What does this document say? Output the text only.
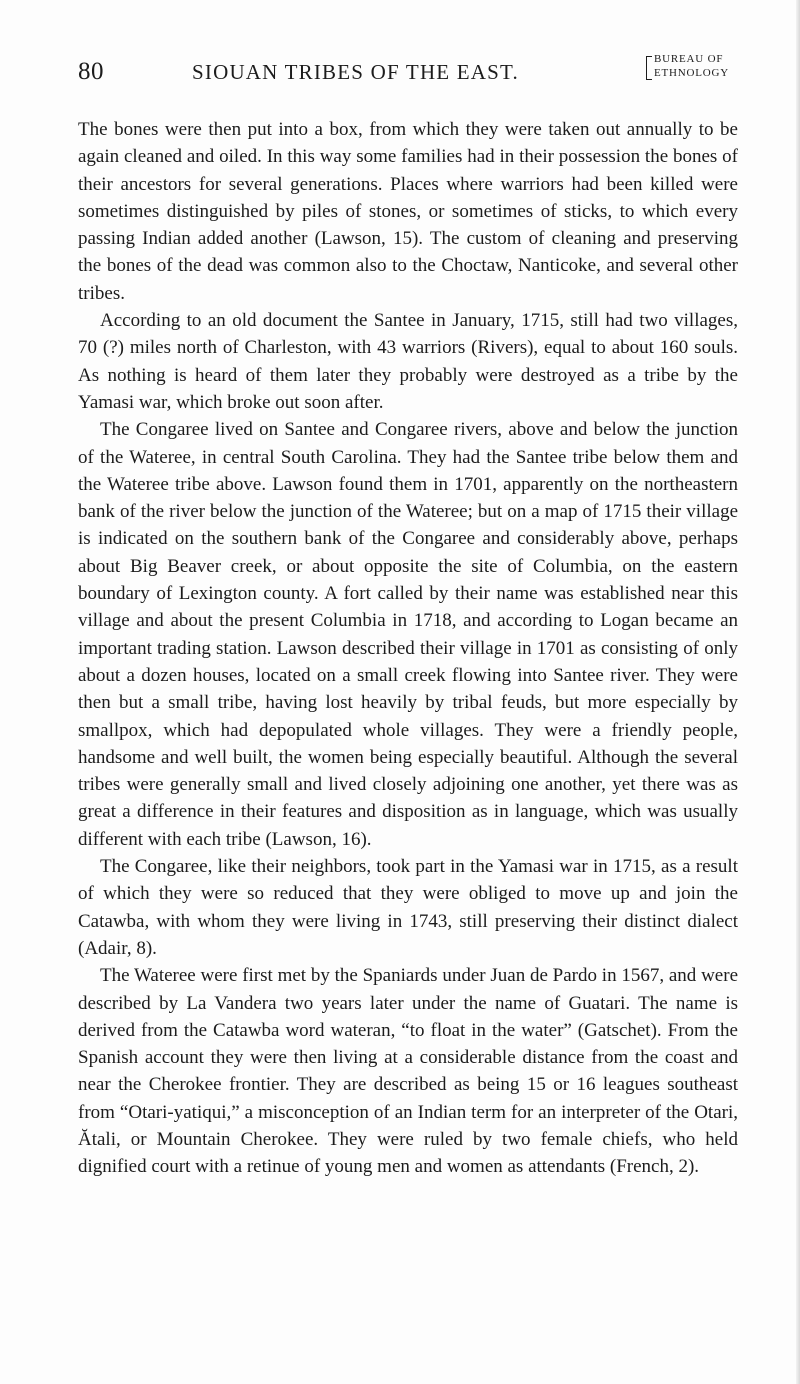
80	SIOUAN TRIBES OF THE EAST.
BUREAU OF
ETHNOLOGY

The bones were then put into a box, from which they were taken out annually to be again cleaned and oiled. In this way some families had in their possession the bones of their ancestors for several generations. Places where warriors had been killed were sometimes distinguished by piles of stones, or sometimes of sticks, to which every passing Indian added another (Lawson, 15). The custom of cleaning and preserving the bones of the dead was common also to the Choctaw, Nanticoke, and several other tribes.

According to an old document the Santee in January, 1715, still had two villages, 70 (?) miles north of Charleston, with 43 warriors (Rivers), equal to about 160 souls. As nothing is heard of them later they probably were destroyed as a tribe by the Yamasi war, which broke out soon after.

The Congaree lived on Santee and Congaree rivers, above and below the junction of the Wateree, in central South Carolina. They had the Santee tribe below them and the Wateree tribe above. Lawson found them in 1701, apparently on the northeastern bank of the river below the junction of the Wateree; but on a map of 1715 their village is indicated on the southern bank of the Congaree and considerably above, perhaps about Big Beaver creek, or about opposite the site of Columbia, on the eastern boundary of Lexington county. A fort called by their name was established near this village and about the present Columbia in 1718, and according to Logan became an important trading station. Lawson described their village in 1701 as consisting of only about a dozen houses, located on a small creek flowing into Santee river. They were then but a small tribe, having lost heavily by tribal feuds, but more especially by smallpox, which had depopulated whole villages. They were a friendly people, handsome and well built, the women being especially beautiful. Although the several tribes were generally small and lived closely adjoining one another, yet there was as great a difference in their features and disposition as in language, which was usually different with each tribe (Lawson, 16).

The Congaree, like their neighbors, took part in the Yamasi war in 1715, as a result of which they were so reduced that they were obliged to move up and join the Catawba, with whom they were living in 1743, still preserving their distinct dialect (Adair, 8).

The Wateree were first met by the Spaniards under Juan de Pardo in 1567, and were described by La Vandera two years later under the name of Guatari. The name is derived from the Catawba word wateran, “to float in the water” (Gatschet). From the Spanish account they were then living at a considerable distance from the coast and near the Cherokee frontier. They are described as being 15 or 16 leagues southeast from “Otari-yatiqui,” a misconception of an Indian term for an interpreter of the Otari, Ătali, or Mountain Cherokee. They were ruled by two female chiefs, who held dignified court with a retinue of young men and women as attendants (French, 2).
